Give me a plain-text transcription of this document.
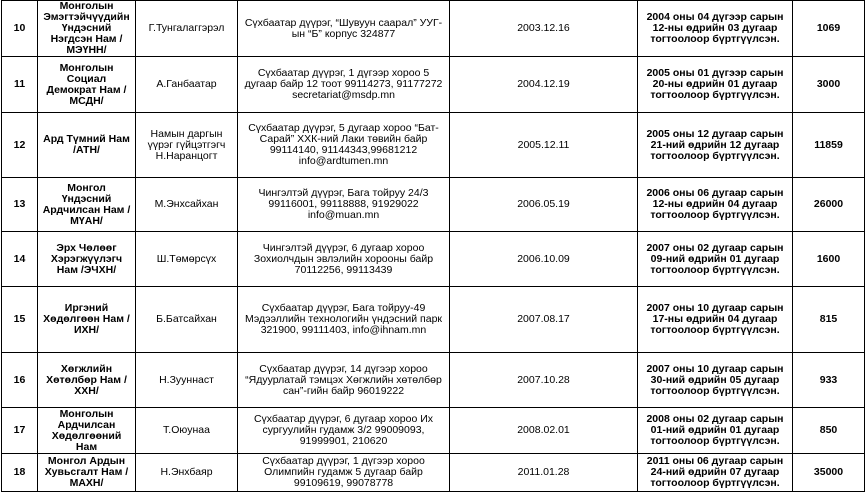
10	Монголын Эмэгтэйчүүдийн Үндэсний Нэгдсэн Нам /МЭҮНН/	Г.Тунгалаггэрэл	Сүхбаатар дүүрэг, “Шувуун саарал” УУГ-ын “Б” корпус 324877	2003.12.16	2004 оны 04 дүгээр сарын 12-ны өдрийн 03 дугаар тогтоолоор бүртгүүлсэн.	1069
11	Монголын Социал Демократ Нам /МСДН/	А.Ганбаатар	Сүхбаатар дүүрэг, 1 дүгээр хороо 5 дугаар байр 12 тоот 99114273, 91177272 secretariat@msdp.mn	2004.12.19	2005 оны 01 дүгээр сарын 20-ны өдрийн 01 дугаар тогтоолоор бүртгүүлсэн.	3000
12	Ард Түмний Нам /АТН/	Намын даргын үүрэг гүйцэтгэгч Н.Наранцогт	Сүхбаатар дүүрэг, 5 дугаар хороо “Бат-Сарай” ХХК-ний Лаки төвийн байр 99114140, 91144343,99681212 info@ardtumen.mn	2005.12.11	2005 оны 12 дугаар сарын 21-ний өдрийн 12 дугаар тогтоолоор бүртгүүлсэн.	11859
13	Монгол Үндэсний Ардчилсан Нам /МҮАН/	М.Энхсайхан	Чингэлтэй дүүрэг, Бага тойруу 24/3 99116001, 99118888, 91929022 info@muan.mn	2006.05.19	2006 оны 06 дугаар сарын 12-ны өдрийн 04 дугаар тогтоолоор бүртгүүлсэн.	26000
14	Эрх Чөлөөг Хэрэгжүүлэгч Нам /ЭЧХН/	Ш.Төмөрсүх	Чингэлтэй дүүрэг, 6 дугаар хороо Зохиолчдын эвлэлийн хорооны байр 70112256, 99113439	2006.10.09	2007 оны 02 дугаар сарын 09-ний өдрийн 01 дугаар тогтоолоор бүртгүүлсэн.	1600
15	Иргэний Хөдөлгөөн Нам /ИХН/	Б.Батсайхан	Сүхбаатар дүүрэг, Бага тойруу-49 Мэдээллийн технологийн үндэсний парк 321900, 99111403, info@ihnam.mn	2007.08.17	2007 оны 10 дугаар сарын 17-ны өдрийн 04 дугаар тогтоолоор бүртгүүлсэн.	815
16	Хөгжлийн Хөтөлбөр Нам /ХХН/	Н.Зууннаст	Сүхбаатар дүүрэг, 14 дүгээр хороо “Ядуурлатай тэмцэх Хөгжлийн хөтөлбөр сан”-гийн байр 96019222	2007.10.28	2007 оны 10 дугаар сарын 30-ний өдрийн 05 дугаар тогтоолоор бүртгүүлсэн.	933
17	Монголын Ардчилсан Хөдөлгөөний Нам	Т.Оюунаа	Сүхбаатар дүүрэг, 6 дугаар хороо Их сургуулийн гудамж 3/2 99009093, 91999901, 210620	2008.02.01	2008 оны 02 дугаар сарын 01-ний өдрийн 01 дугаар тогтоолоор бүртгүүлсэн.	850
18	Монгол Ардын Хувьсгалт Нам /МАХН/	Н.Энхбаяр	Сүхбаатар дүүрэг, 1 дүгээр хороо Олимпийн гудамж 5 дугаар байр 99109619, 99078778	2011.01.28	2011 оны 06 дугаар сарын 24-ний өдрийн 07 дугаар тогтоолоор бүртгүүлсэн.	35000
